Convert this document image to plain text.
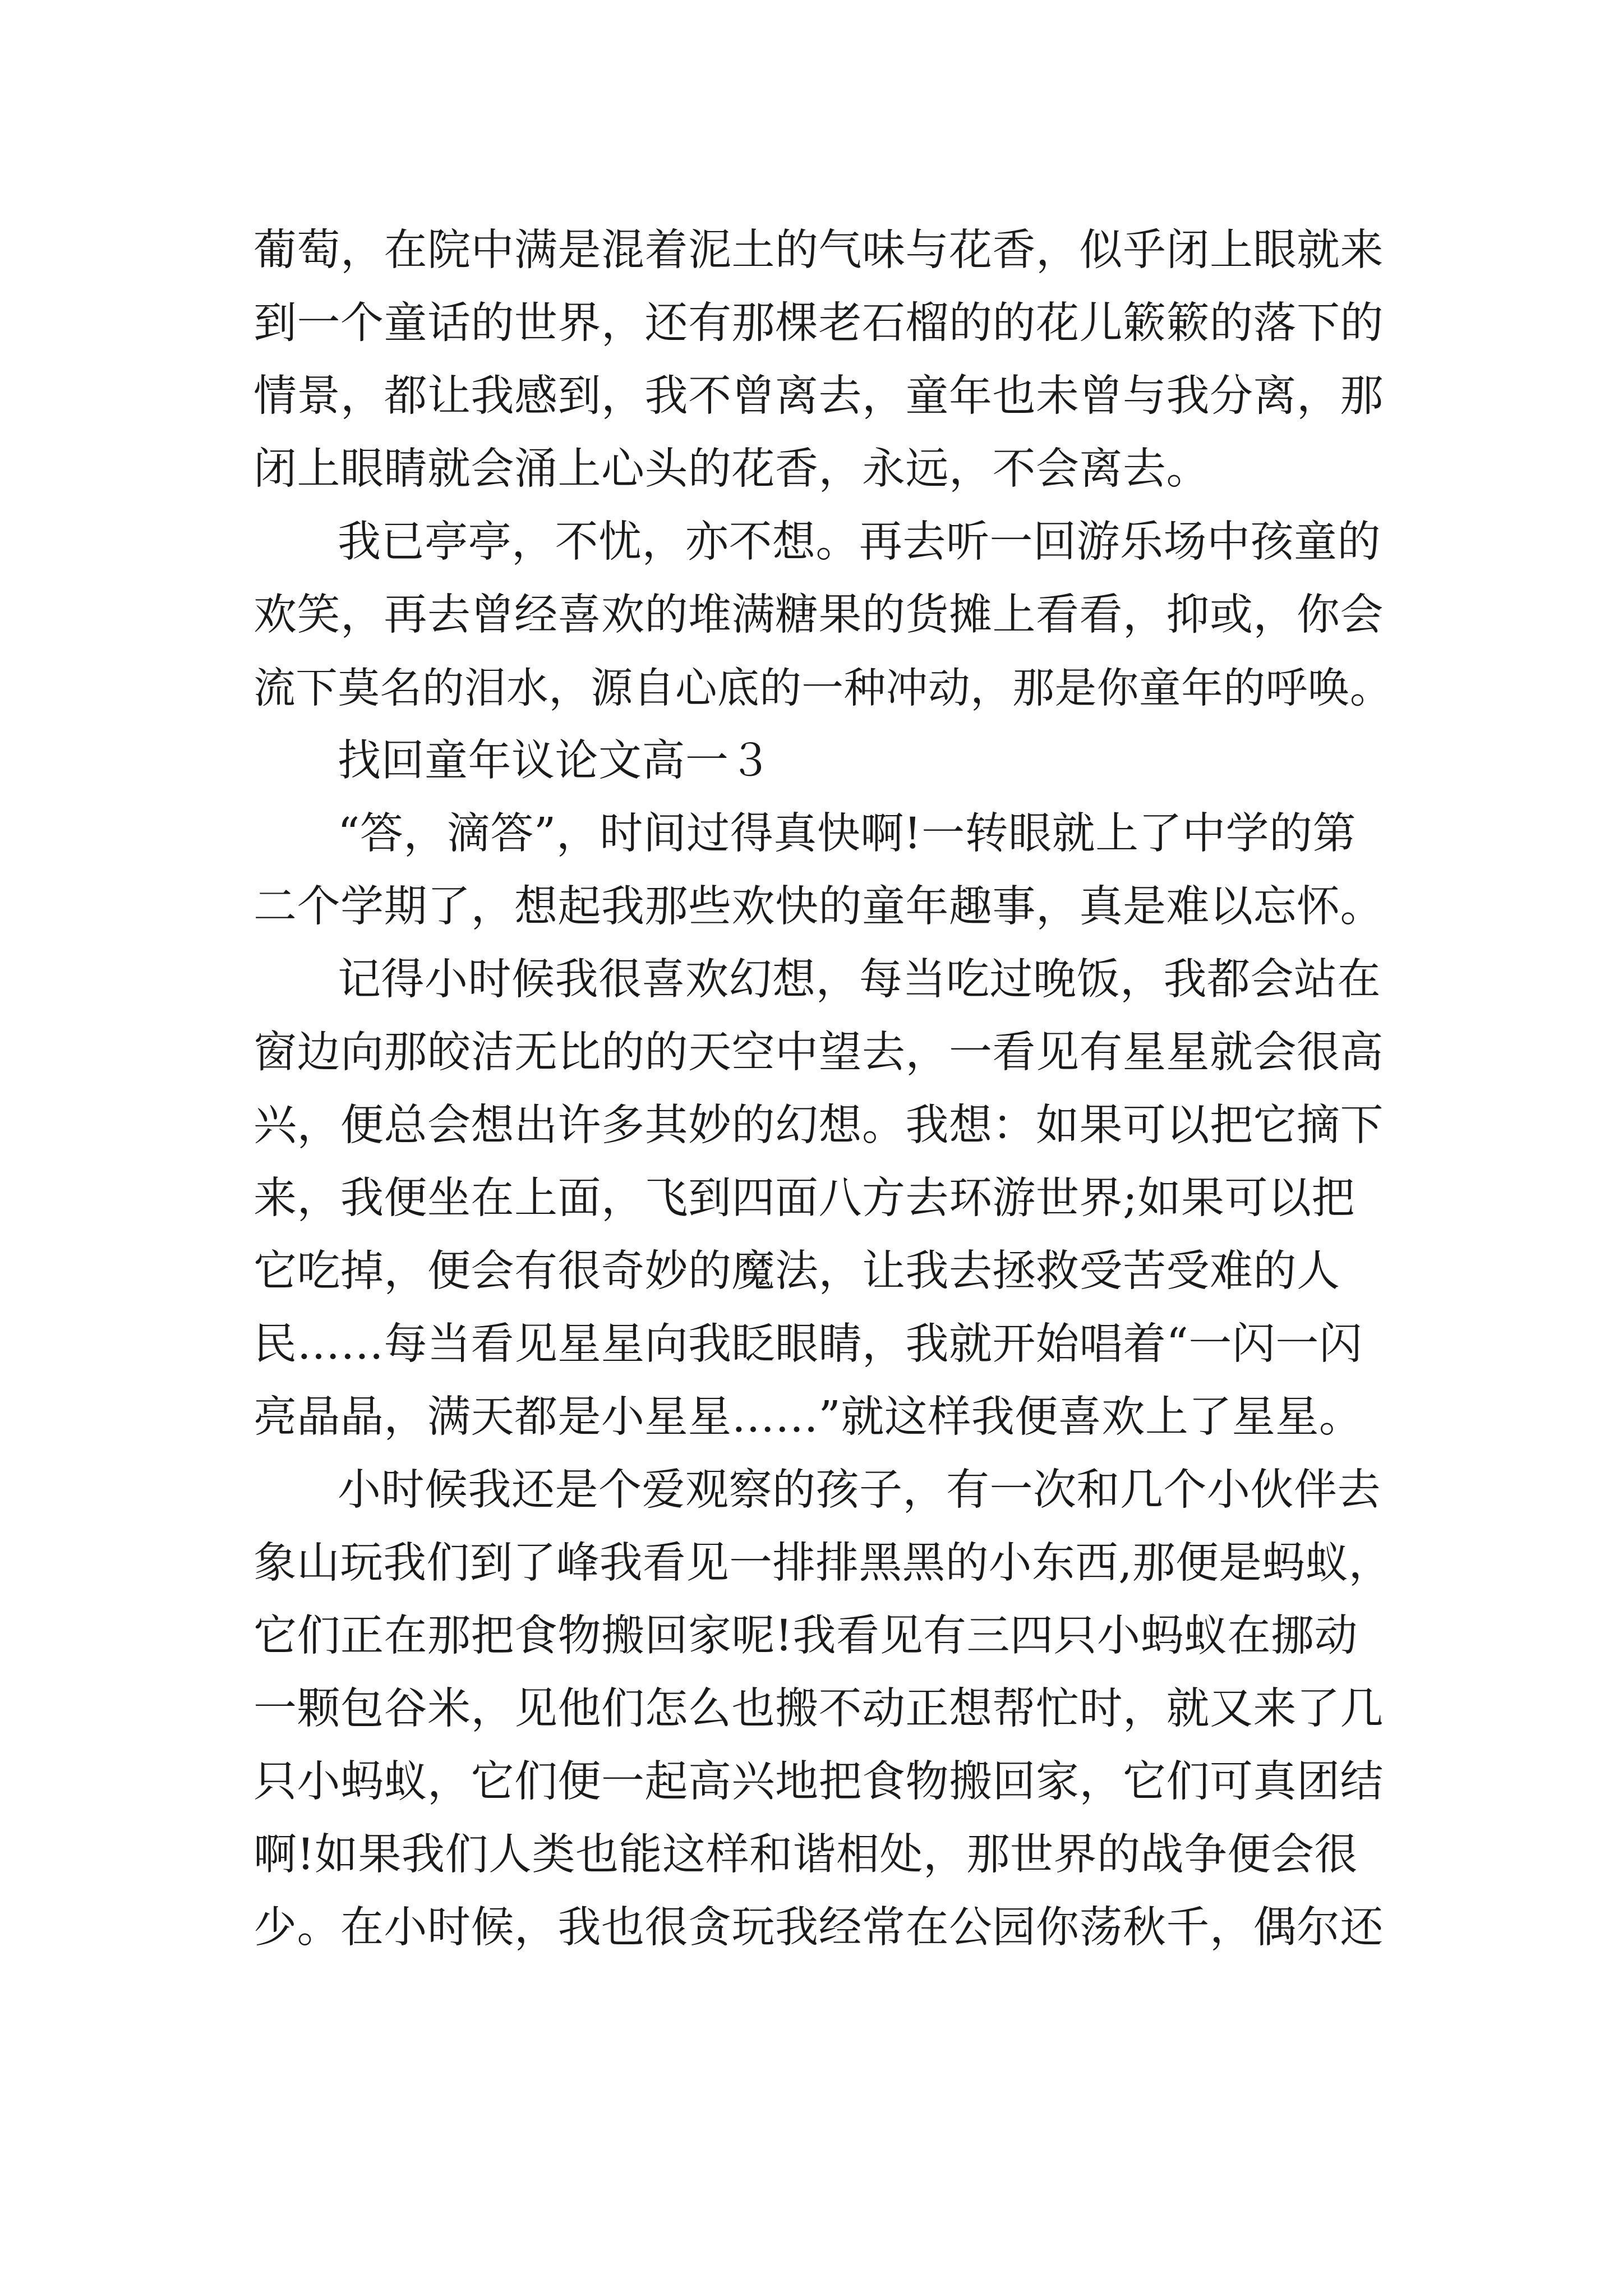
葡萄，在院中满是混着泥土的气味与花香，似乎闭上眼就来
到一个童话的世界，还有那棵老石榴的的花儿簌簌的落下的
情景，都让我感到，我不曾离去，童年也未曾与我分离，那
闭上眼睛就会涌上心头的花香，永远，不会离去。
我已亭亭，不忧，亦不想。再去听一回游乐场中孩童的
欢笑，再去曾经喜欢的堆满糖果的货摊上看看，抑或，你会
流下莫名的泪水，源自心底的一种冲动，那是你童年的呼唤。
找回童年议论文高一３
“答，滴答”，时间过得真快啊!一转眼就上了中学的第
二个学期了，想起我那些欢快的童年趣事，真是难以忘怀。
记得小时候我很喜欢幻想，每当吃过晚饭，我都会站在
窗边向那皎洁无比的的天空中望去，一看见有星星就会很高
兴，便总会想出许多其妙的幻想。我想：如果可以把它摘下
来，我便坐在上面，飞到四面八方去环游世界;如果可以把
它吃掉，便会有很奇妙的魔法，让我去拯救受苦受难的人
民……每当看见星星向我眨眼睛，我就开始唱着“一闪一闪
亮晶晶，满天都是小星星……”就这样我便喜欢上了星星。
小时候我还是个爱观察的孩子，有一次和几个小伙伴去
象山玩我们到了峰我看见一排排黑黑的小东西,那便是蚂蚁，
它们正在那把食物搬回家呢!我看见有三四只小蚂蚁在挪动
一颗包谷米，见他们怎么也搬不动正想帮忙时，就又来了几
只小蚂蚁，它们便一起高兴地把食物搬回家，它们可真团结
啊!如果我们人类也能这样和谐相处，那世界的战争便会很
少。在小时候，我也很贪玩我经常在公园你荡秋千，偶尔还
